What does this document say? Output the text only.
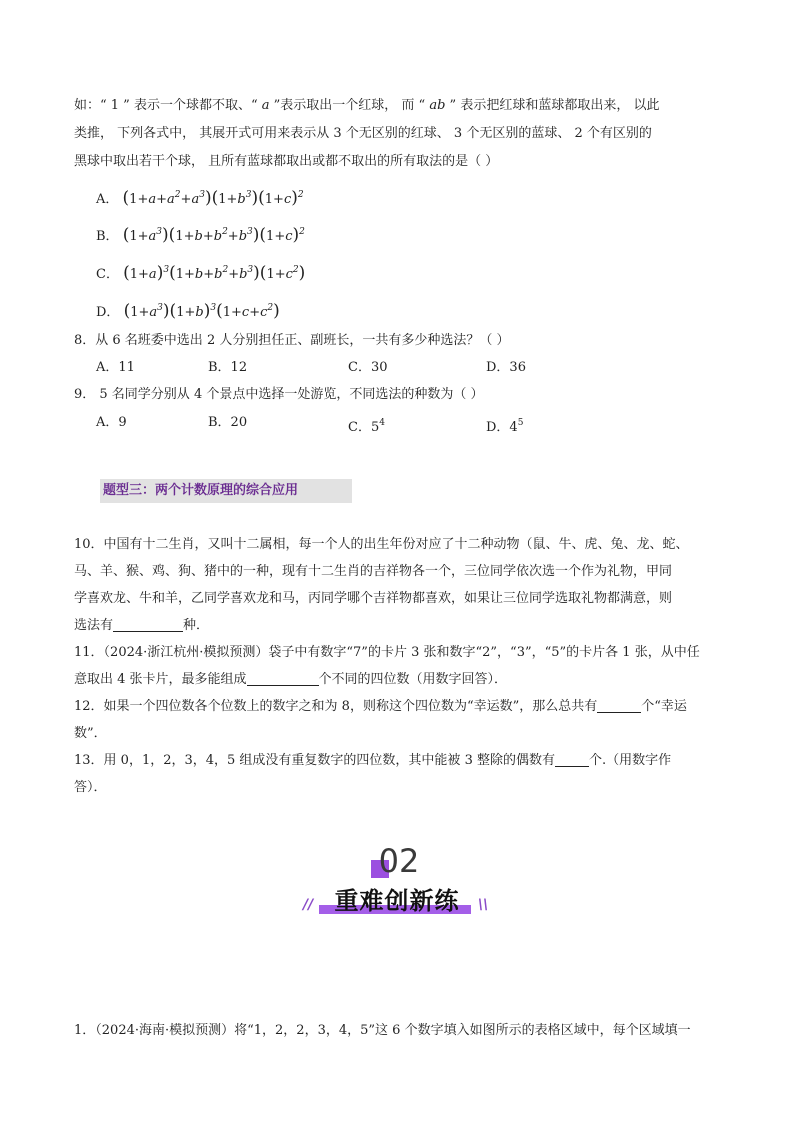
如：“ 1 ” 表示一个球都不取、“ a ”表示取出一个红球， 而 “ ab ” 表示把红球和蓝球都取出来， 以此
类推， 下列各式中， 其展开式可用来表示从 3 个无区别的红球、 3 个无区别的蓝球、 2 个有区别的
黑球中取出若干个球， 且所有蓝球都取出或都不取出的所有取法的是（ ）
A． $(1+a+a^2+a^3)(1+b^3)(1+c)^2$
B． $(1+a^3)(1+b+b^2+b^3)(1+c)^2$
C． $(1+a)^3(1+b+b^2+b^3)(1+c^2)$
D． $(1+a^3)(1+b)^3(1+c+c^2)$
8．从 6 名班委中选出 2 人分别担任正、副班长，一共有多少种选法？（ ）
A．11	B．12	C．30	D．36
9． 5 名同学分别从 4 个景点中选择一处游览，不同选法的种数为（ ）
A．9	B．20	C．$5^4$	D．$4^5$
题型三：两个计数原理的综合应用
10．中国有十二生肖，又叫十二属相，每一个人的出生年份对应了十二种动物（鼠、牛、虎、兔、龙、蛇、
马、羊、猴、鸡、狗、猪中的一种，现有十二生肖的吉祥物各一个，三位同学依次选一个作为礼物，甲同
学喜欢龙、牛和羊，乙同学喜欢龙和马，丙同学哪个吉祥物都喜欢，如果让三位同学选取礼物都满意，则
选法有	种．
11．（2024·浙江杭州·模拟预测）袋子中有数字“7”的卡片 3 张和数字“2”，“3”，“5”的卡片各 1 张，从中任
意取出 4 张卡片，最多能组成	个不同的四位数（用数字回答）．
12．如果一个四位数各个位数上的数字之和为 8，则称这个四位数为“幸运数”，那么总共有	个“幸运
数”．
13．用 0，1，2，3，4，5 组成没有重复数字的四位数，其中能被 3 整除的偶数有	个.（用数字作
答）．
02
重难创新练
//	\\
1．（2024·海南·模拟预测）将“1，2，2，3，4，5”这 6 个数字填入如图所示的表格区域中，每个区域填一
